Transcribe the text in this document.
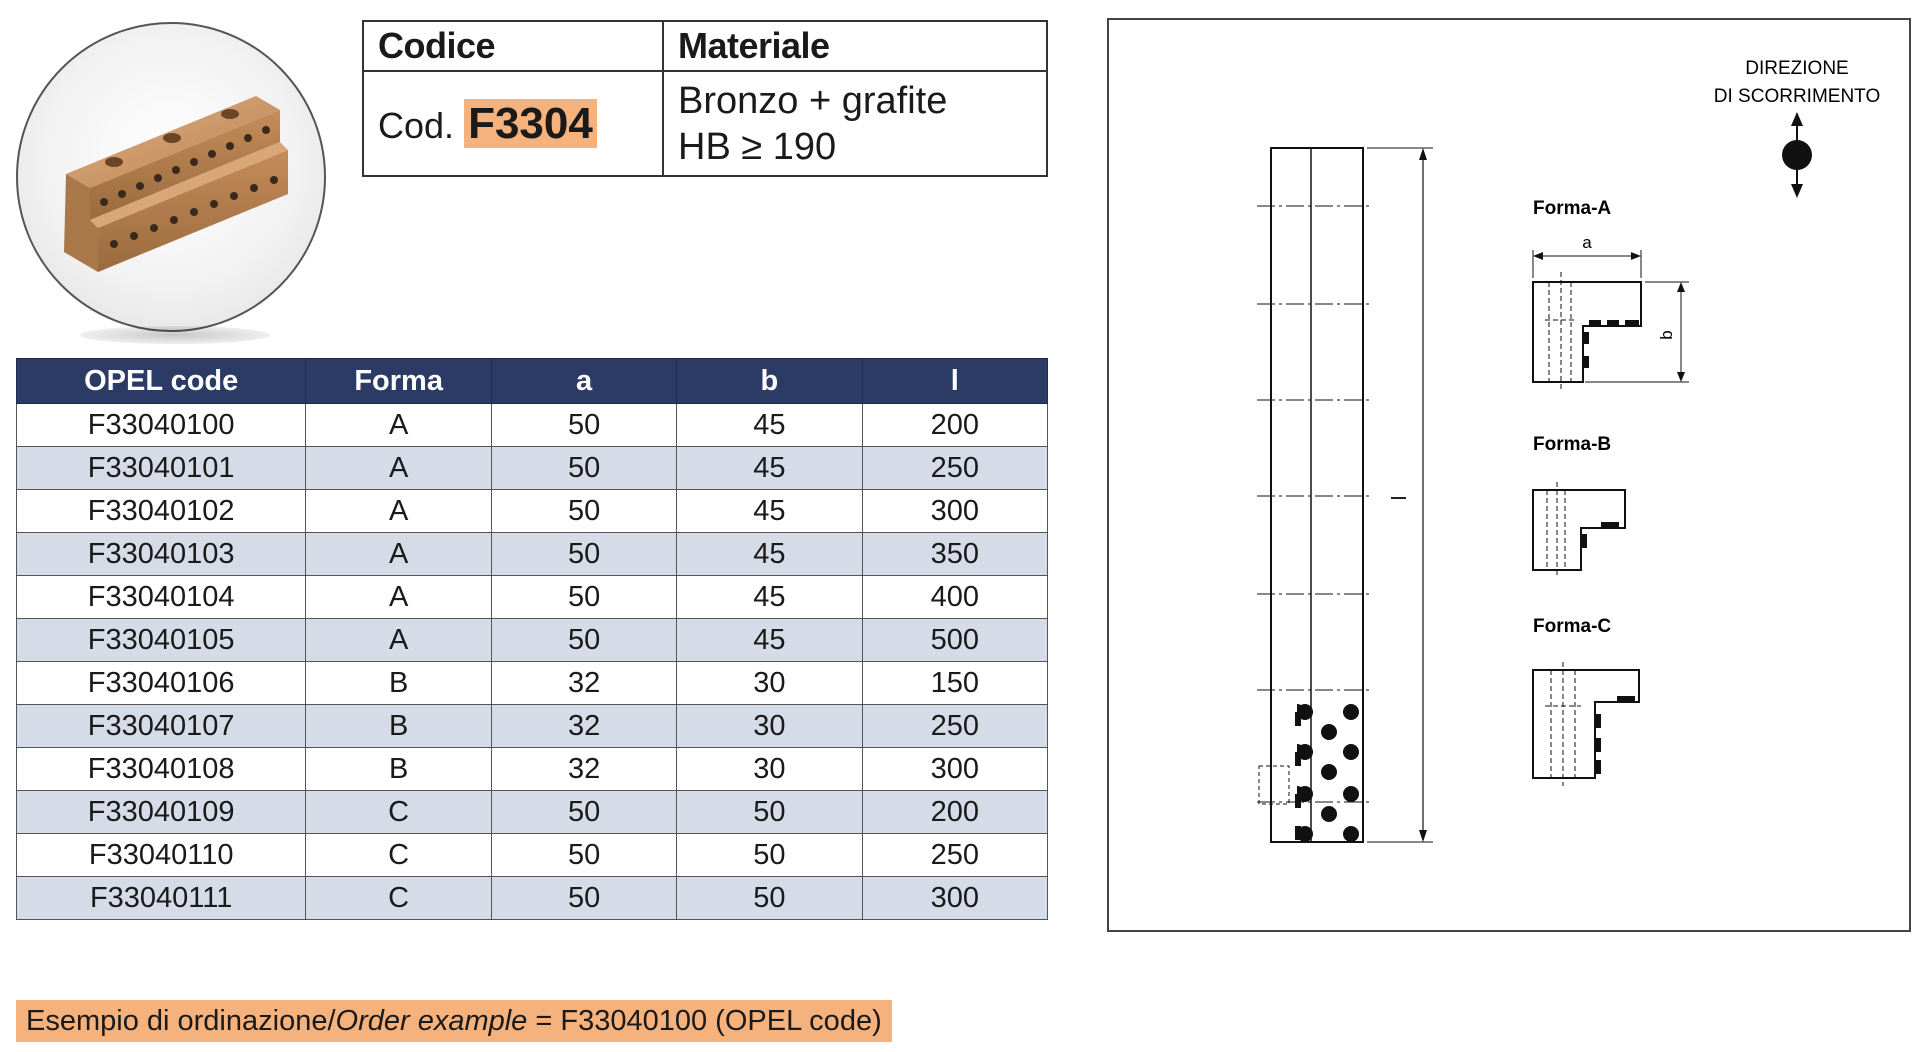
Codice	Materiale
Cod. F3304	Bronzo + grafite
HB ≥ 190
OPEL code	Forma	a	b	l
F33040100	A	50	45	200
F33040101	A	50	45	250
F33040102	A	50	45	300
F33040103	A	50	45	350
F33040104	A	50	45	400
F33040105	A	50	45	500
F33040106	B	32	30	150
F33040107	B	32	30	250
F33040108	B	32	30	300
F33040109	C	50	50	200
F33040110	C	50	50	250
F33040111	C	50	50	300
DIREZIONE
DI SCORRIMENTO
l
Forma-A
a
b
Forma-B
Forma-C
Esempio di ordinazione/Order example = F33040100 (OPEL code)
